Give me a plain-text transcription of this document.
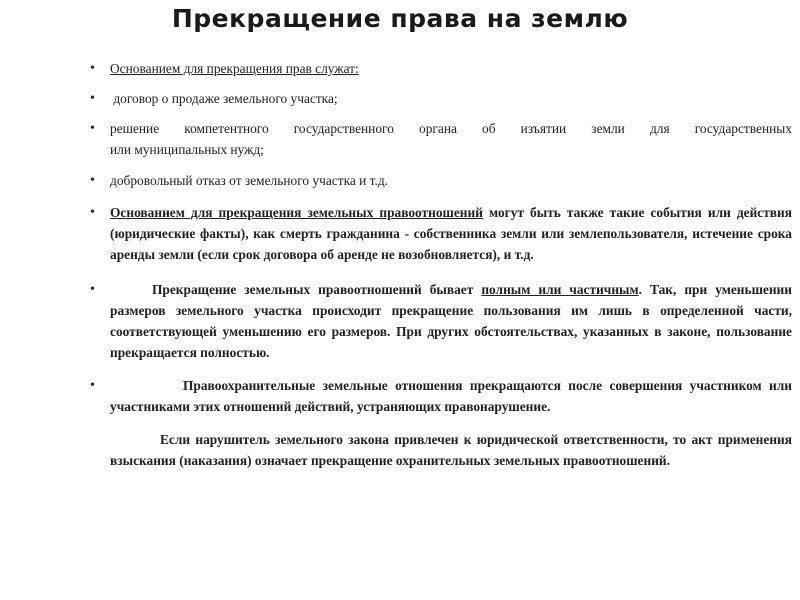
Прекращение права на землю
•	Основанием для прекращения прав служат:
•	договор о продаже земельного участка;
•	решение компетентного государственного органа об изъятии земли для государственных
или муниципальных нужд;
•	добровольный отказ от земельного участка и т.д.
•	Основанием для прекращения земельных правоотношений могут быть также такие события или действия (юридические факты), как смерть гражданина - собственника земли или землепользователя, истечение срока аренды земли (если срок договора об аренде не возобновляется), и т.д.
•	Прекращение земельных правоотношений бывает полным или частичным. Так, при уменьшении размеров земельного участка происходит прекращение пользования им лишь в определенной части, соответствующей уменьшению его размеров. При других обстоятельствах, указанных в законе, пользование прекращается полностью.
•	Правоохранительные земельные отношения прекращаются после совершения участником или участниками этих отношений действий, устраняющих правонарушение.
Если нарушитель земельного закона привлечен к юридической ответственности, то акт применения взыскания (наказания) означает прекращение охранительных земельных правоотношений.
